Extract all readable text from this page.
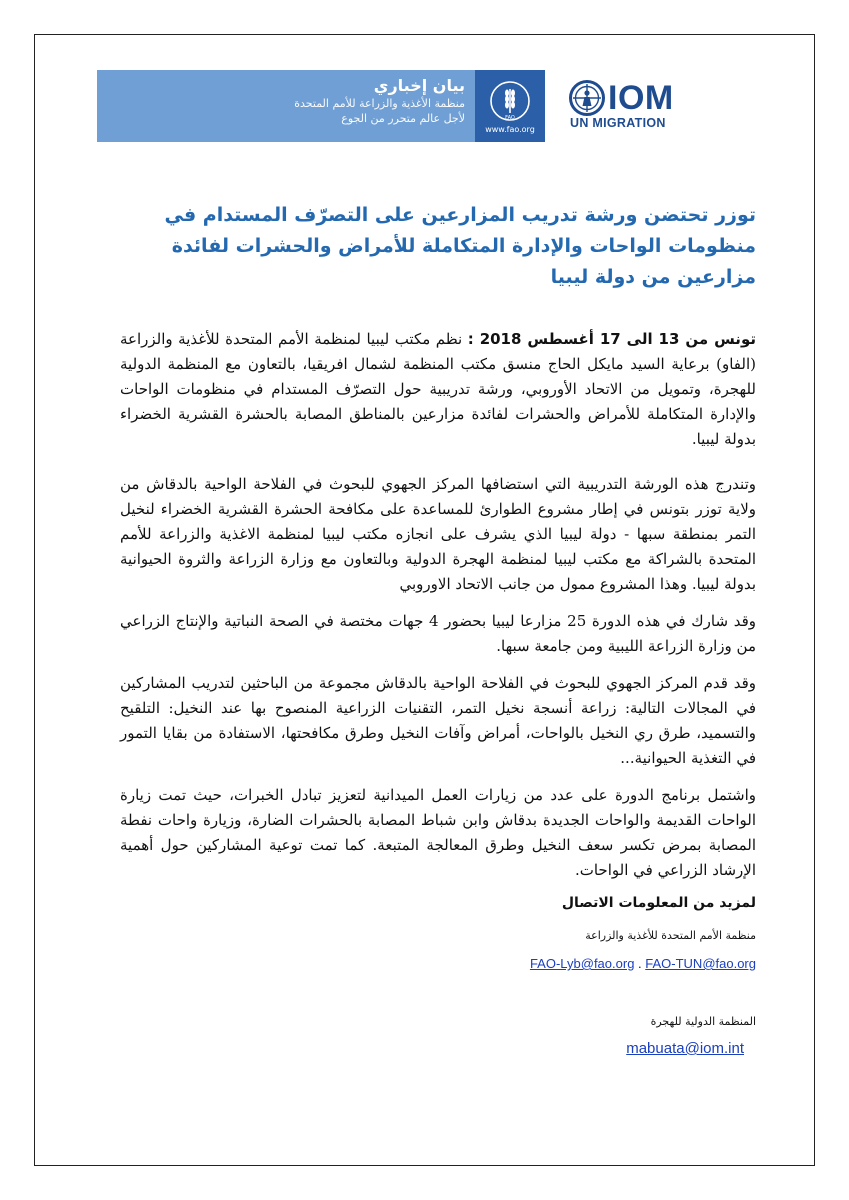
بيان إخباري
منظمة الأغذية والزراعة للأمم المتحدة
لأجل عالم متحرر من الجوع	FAO
www.fao.org
IOM
UN MIGRATION
توزر تحتضن ورشة تدريب المزارعين على التصرّف المستدام في منظومات الواحات والإدارة المتكاملة للأمراض والحشرات لفائدة مزارعين من دولة ليبيا

تونس من 13 الى 17 أغسطس 2018 : نظم مكتب ليبيا لمنظمة الأمم المتحدة للأغذية والزراعة (الفاو) برعاية السيد مايكل الحاج منسق مكتب المنظمة لشمال افريقيا، بالتعاون مع المنظمة الدولية للهجرة، وتمويل من الاتحاد الأوروبي، ورشة تدريبية حول التصرّف المستدام في منظومات الواحات والإدارة المتكاملة للأمراض والحشرات لفائدة مزارعين بالمناطق المصابة بالحشرة القشرية الخضراء بدولة ليبيا.

وتندرج هذه الورشة التدريبية التي استضافها المركز الجهوي للبحوث في الفلاحة الواحية بالدقاش من ولاية توزر بتونس في إطار مشروع الطوارئ للمساعدة على مكافحة الحشرة القشرية الخضراء لنخيل التمر بمنطقة سبها - دولة ليبيا الذي يشرف على انجازه مكتب ليبيا لمنظمة الاغذية والزراعة للأمم المتحدة بالشراكة مع مكتب ليبيا لمنظمة الهجرة الدولية وبالتعاون مع وزارة الزراعة والثروة الحيوانية بدولة ليبيا. وهذا المشروع ممول من جانب الاتحاد الاوروبي

وقد شارك في هذه الدورة 25 مزارعا ليبيا بحضور 4 جهات مختصة في الصحة النباتية والإنتاج الزراعي من وزارة الزراعة الليبية ومن جامعة سبها.

وقد قدم المركز الجهوي للبحوث في الفلاحة الواحية بالدقاش مجموعة من الباحثين لتدريب المشاركين في المجالات التالية: زراعة أنسجة نخيل التمر، التقنيات الزراعية المنصوح بها عند النخيل: التلقيح والتسميد، طرق ري النخيل بالواحات، أمراض وآفات النخيل وطرق مكافحتها، الاستفادة من بقايا التمور في التغذية الحيوانية...

واشتمل برنامج الدورة على عدد من زيارات العمل الميدانية لتعزيز تبادل الخبرات، حيث تمت زيارة الواحات القديمة والواحات الجديدة بدقاش وابن شباط المصابة بالحشرات الضارة، وزيارة واحات نفطة المصابة بمرض تكسر سعف النخيل وطرق المعالجة المتبعة. كما تمت توعية المشاركين حول أهمية الإرشاد الزراعي في الواحات.

لمزيد من المعلومات الاتصال
منظمة الأمم المتحدة للأغذية والزراعة
FAO-Lyb@fao.org . FAO-TUN@fao.org
المنظمة الدولية للهجرة
mabuata@iom.int
